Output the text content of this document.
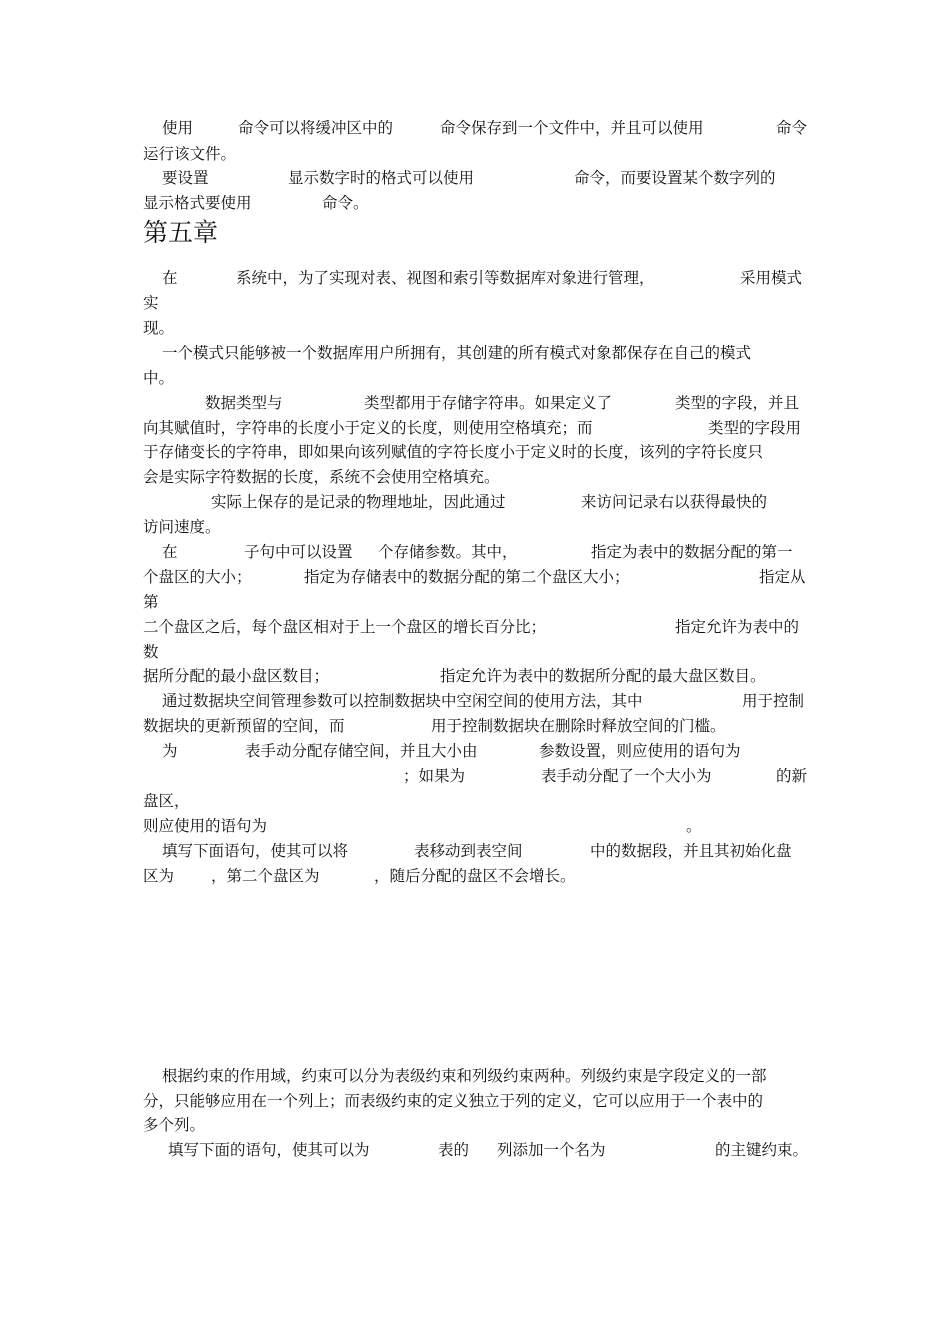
使用	命令可以将缓冲区中的	命令保存到一个文件中，并且可以使用	命令
运行该文件。
要设置	显示数字时的格式可以使用	命令，而要设置某个数字列的
显示格式要使用	命令。
第五章
在	系统中，为了实现对表、视图和索引等数据库对象进行管理，	采用模式
实
现。
一个模式只能够被一个数据库用户所拥有，其创建的所有模式对象都保存在自己的模式
中。
数据类型与	类型都用于存储字符串。如果定义了	类型的字段，并且
向其赋值时，字符串的长度小于定义的长度，则使用空格填充；而	类型的字段用
于存储变长的字符串，即如果向该列赋值的字符长度小于定义时的长度，该列的字符长度只
会是实际字符数据的长度，系统不会使用空格填充。
实际上保存的是记录的物理地址，因此通过	来访问记录右以获得最快的
访问速度。
在	子句中可以设置 个存储参数。其中，	指定为表中的数据分配的第一
个盘区的大小；	指定为存储表中的数据分配的第二个盘区大小；	指定从
第
二个盘区之后，每个盘区相对于上一个盘区的增长百分比；	指定允许为表中的
数
据所分配的最小盘区数目；	指定允许为表中的数据所分配的最大盘区数目。
通过数据块空间管理参数可以控制数据块中空闲空间的使用方法，其中	用于控制
数据块的更新预留的空间，而	用于控制数据块在删除时释放空间的门槛。
为	表手动分配存储空间，并且大小由	参数设置，则应使用的语句为
；如果为	表手动分配了一个大小为	的新
盘区，
则应使用的语句为	。
填写下面语句，使其可以将	表移动到表空间	中的数据段，并且其初始化盘
区为 ，第二个盘区为	，随后分配的盘区不会增长。
根据约束的作用域，约束可以分为表级约束和列级约束两种。列级约束是字段定义的一部
分，只能够应用在一个列上；而表级约束的定义独立于列的定义，它可以应用于一个表中的
多个列。
填写下面的语句，使其可以为	表的 列添加一个名为	的主键约束。
